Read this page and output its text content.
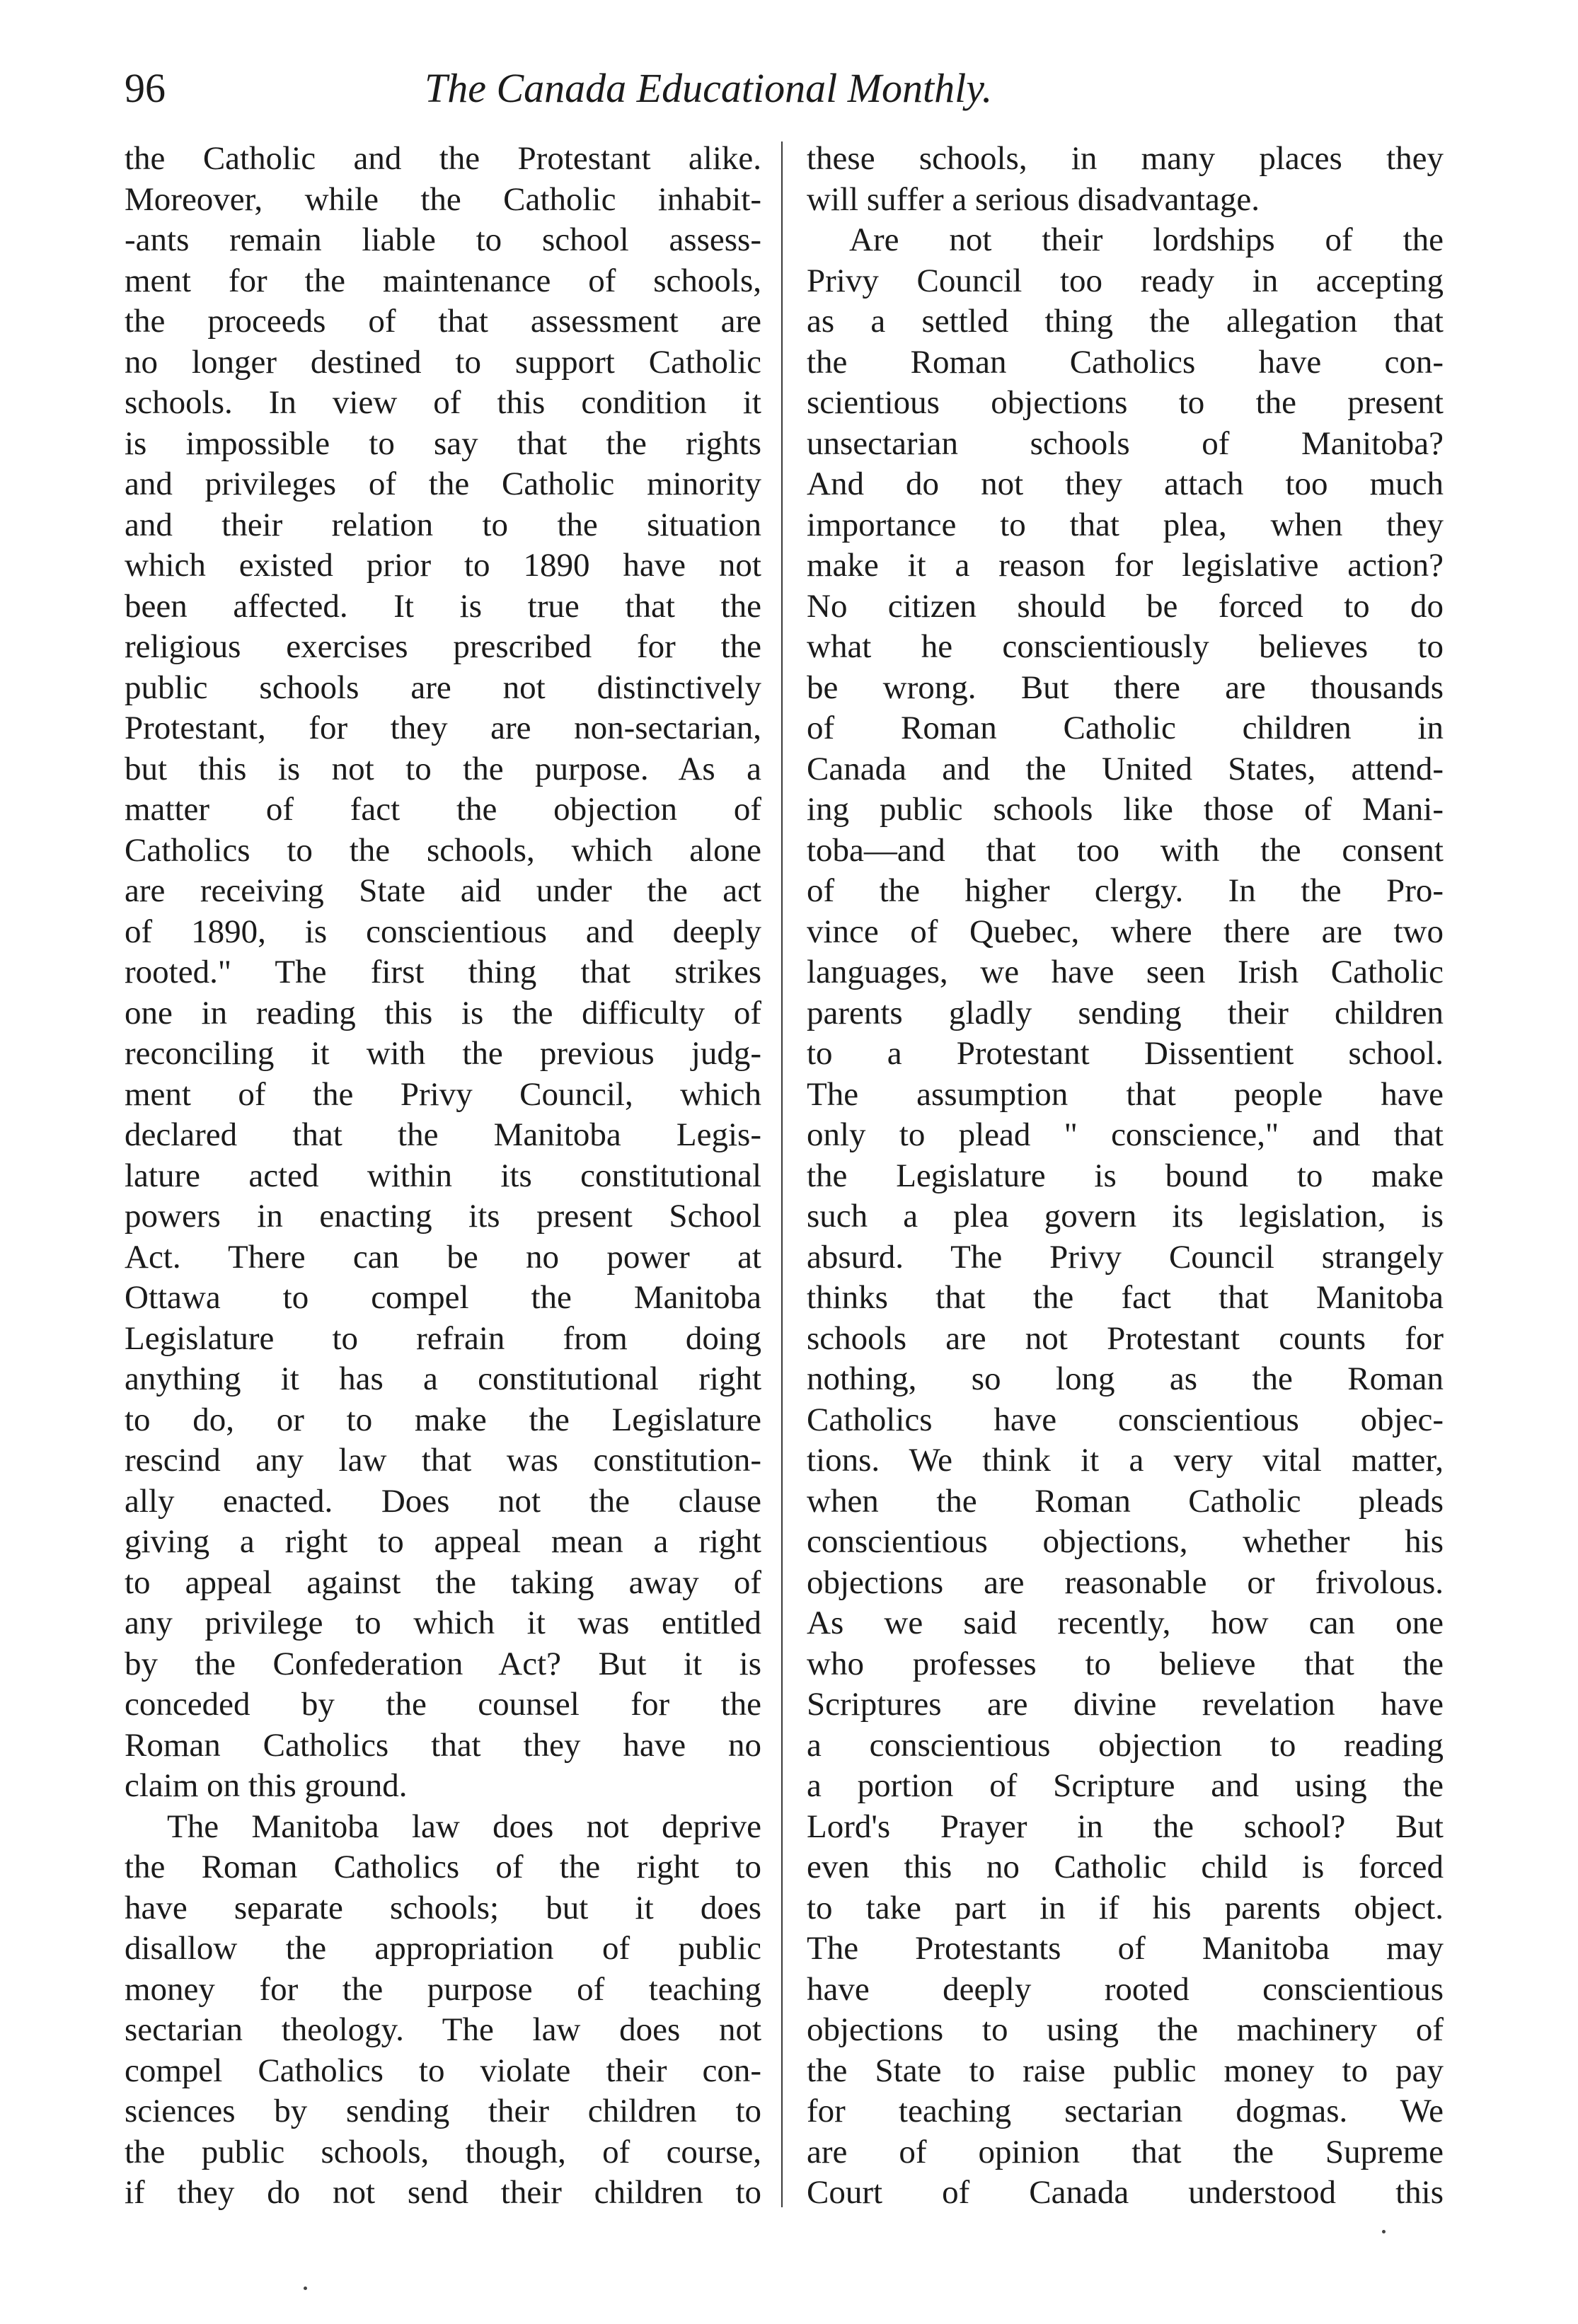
96	The Canada Educational Monthly.
the Catholic and the Protestant alike.
Moreover, while the Catholic inhabit-
-ants remain liable to school assess-
ment for the maintenance of schools,
the proceeds of that assessment are
no longer destined to support Catholic
schools. In view of this condition it
is impossible to say that the rights
and privileges of the Catholic minority
and their relation to the situation
which existed prior to 1890 have not
been affected. It is true that the
religious exercises prescribed for the
public schools are not distinctively
Protestant, for they are non-sectarian,
but this is not to the purpose. As a
matter of fact the objection of
Catholics to the schools, which alone
are receiving State aid under the act
of 1890, is conscientious and deeply
rooted." The first thing that strikes
one in reading this is the difficulty of
reconciling it with the previous judg-
ment of the Privy Council, which
declared that the Manitoba Legis-
lature acted within its constitutional
powers in enacting its present School
Act. There can be no power at
Ottawa to compel the Manitoba
Legislature to refrain from doing
anything it has a constitutional right
to do, or to make the Legislature
rescind any law that was constitution-
ally enacted. Does not the clause
giving a right to appeal mean a right
to appeal against the taking away of
any privilege to which it was entitled
by the Confederation Act? But it is
conceded by the counsel for the
Roman Catholics that they have no
claim on this ground.
The Manitoba law does not deprive
the Roman Catholics of the right to
have separate schools; but it does
disallow the appropriation of public
money for the purpose of teaching
sectarian theology. The law does not
compel Catholics to violate their con-
sciences by sending their children to
the public schools, though, of course,
if they do not send their children to
these schools, in many places they
will suffer a serious disadvantage.
Are not their lordships of the
Privy Council too ready in accepting
as a settled thing the allegation that
the Roman Catholics have con-
scientious objections to the present
unsectarian schools of Manitoba?
And do not they attach too much
importance to that plea, when they
make it a reason for legislative action?
No citizen should be forced to do
what he conscientiously believes to
be wrong. But there are thousands
of Roman Catholic children in
Canada and the United States, attend-
ing public schools like those of Mani-
toba—and that too with the consent
of the higher clergy. In the Pro-
vince of Quebec, where there are two
languages, we have seen Irish Catholic
parents gladly sending their children
to a Protestant Dissentient school.
The assumption that people have
only to plead " conscience," and that
the Legislature is bound to make
such a plea govern its legislation, is
absurd. The Privy Council strangely
thinks that the fact that Manitoba
schools are not Protestant counts for
nothing, so long as the Roman
Catholics have conscientious objec-
tions. We think it a very vital matter,
when the Roman Catholic pleads
conscientious objections, whether his
objections are reasonable or frivolous.
As we said recently, how can one
who professes to believe that the
Scriptures are divine revelation have
a conscientious objection to reading
a portion of Scripture and using the
Lord's Prayer in the school? But
even this no Catholic child is forced
to take part in if his parents object.
The Protestants of Manitoba may
have deeply rooted conscientious
objections to using the machinery of
the State to raise public money to pay
for teaching sectarian dogmas. We
are of opinion that the Supreme
Court of Canada understood this
